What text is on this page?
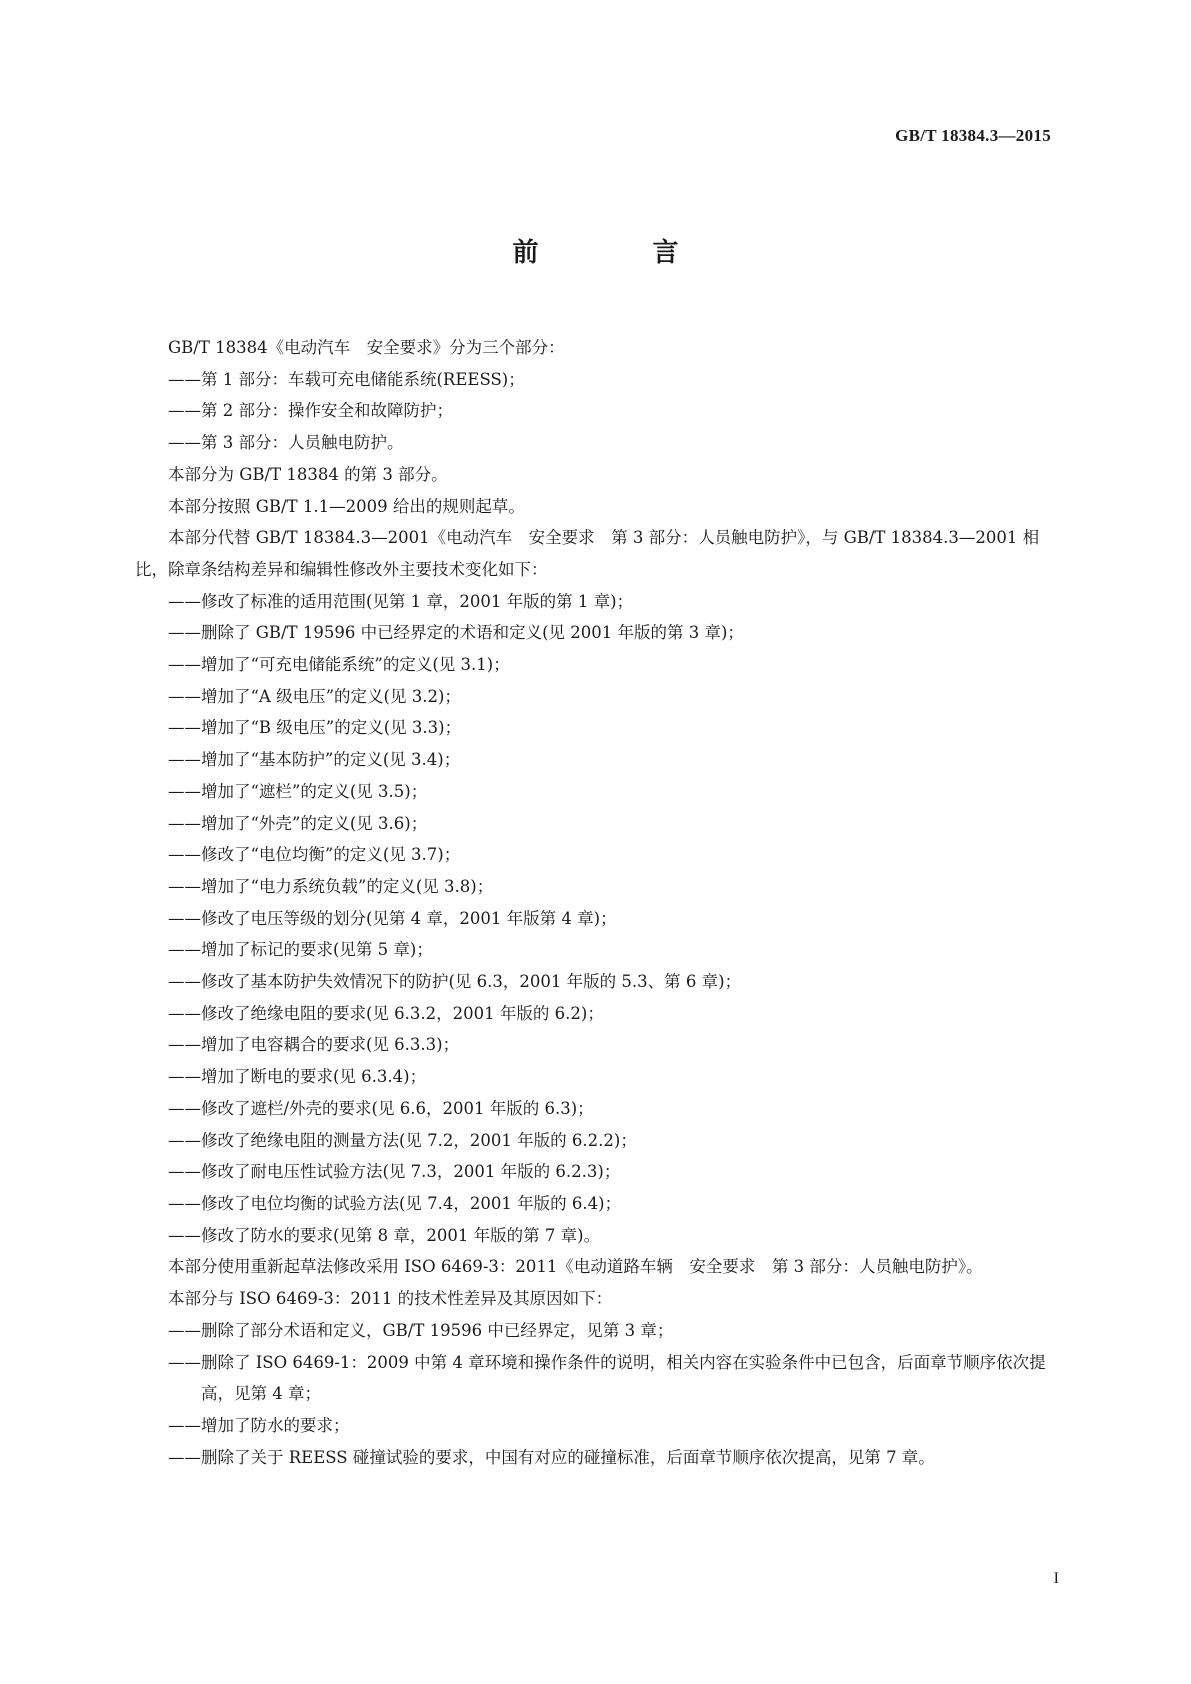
GB/T 18384.3—2015
前　言

GB/T 18384《电动汽车　安全要求》分为三个部分：

——第 1 部分：车载可充电储能系统(REESS)；

——第 2 部分：操作安全和故障防护；

——第 3 部分：人员触电防护。

本部分为 GB/T 18384 的第 3 部分。

本部分按照 GB/T 1.1—2009 给出的规则起草。

本部分代替 GB/T 18384.3—2001《电动汽车　安全要求　第 3 部分：人员触电防护》，与 GB/T 18384.3—2001 相比，除章条结构差异和编辑性修改外主要技术变化如下：

——修改了标准的适用范围(见第 1 章，2001 年版的第 1 章)；

——删除了 GB/T 19596 中已经界定的术语和定义(见 2001 年版的第 3 章)；

——增加了“可充电储能系统”的定义(见 3.1)；

——增加了“A 级电压”的定义(见 3.2)；

——增加了“B 级电压”的定义(见 3.3)；

——增加了“基本防护”的定义(见 3.4)；

——增加了“遮栏”的定义(见 3.5)；

——增加了“外壳”的定义(见 3.6)；

——修改了“电位均衡”的定义(见 3.7)；

——增加了“电力系统负载”的定义(见 3.8)；

——修改了电压等级的划分(见第 4 章，2001 年版第 4 章)；

——增加了标记的要求(见第 5 章)；

——修改了基本防护失效情况下的防护(见 6.3，2001 年版的 5.3、第 6 章)；

——修改了绝缘电阻的要求(见 6.3.2，2001 年版的 6.2)；

——增加了电容耦合的要求(见 6.3.3)；

——增加了断电的要求(见 6.3.4)；

——修改了遮栏/外壳的要求(见 6.6，2001 年版的 6.3)；

——修改了绝缘电阻的测量方法(见 7.2，2001 年版的 6.2.2)；

——修改了耐电压性试验方法(见 7.3，2001 年版的 6.2.3)；

——修改了电位均衡的试验方法(见 7.4，2001 年版的 6.4)；

——修改了防水的要求(见第 8 章，2001 年版的第 7 章)。

本部分使用重新起草法修改采用 ISO 6469-3：2011《电动道路车辆　安全要求　第 3 部分：人员触电防护》。

本部分与 ISO 6469-3：2011 的技术性差异及其原因如下：

——删除了部分术语和定义，GB/T 19596 中已经界定，见第 3 章；

——删除了 ISO 6469-1：2009 中第 4 章环境和操作条件的说明，相关内容在实验条件中已包含，后面章节顺序依次提高，见第 4 章；

——增加了防水的要求；

——删除了关于 REESS 碰撞试验的要求，中国有对应的碰撞标准，后面章节顺序依次提高，见第 7 章。

I
